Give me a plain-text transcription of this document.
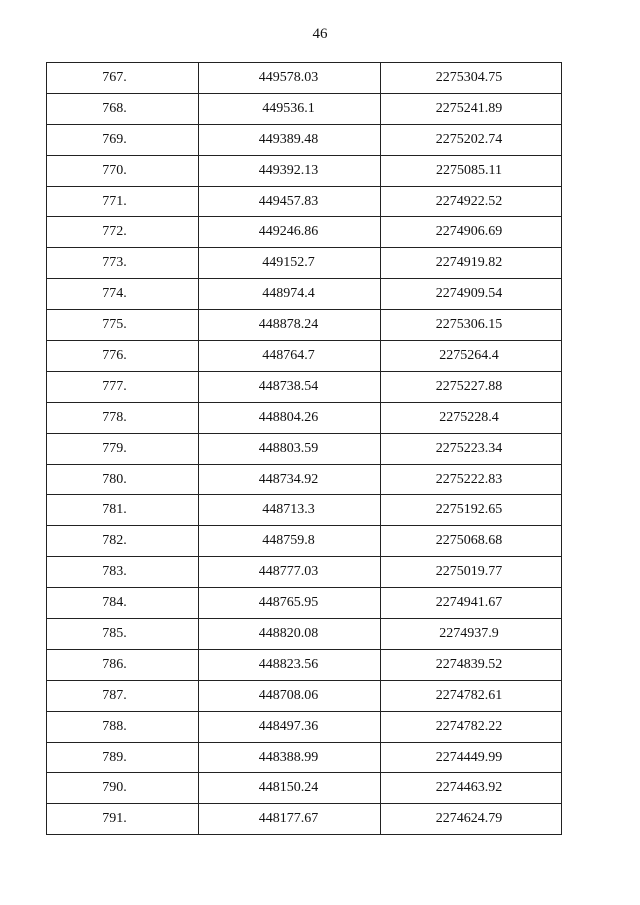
46
767.	449578.03	2275304.75
768.	449536.1	2275241.89
769.	449389.48	2275202.74
770.	449392.13	2275085.11
771.	449457.83	2274922.52
772.	449246.86	2274906.69
773.	449152.7	2274919.82
774.	448974.4	2274909.54
775.	448878.24	2275306.15
776.	448764.7	2275264.4
777.	448738.54	2275227.88
778.	448804.26	2275228.4
779.	448803.59	2275223.34
780.	448734.92	2275222.83
781.	448713.3	2275192.65
782.	448759.8	2275068.68
783.	448777.03	2275019.77
784.	448765.95	2274941.67
785.	448820.08	2274937.9
786.	448823.56	2274839.52
787.	448708.06	2274782.61
788.	448497.36	2274782.22
789.	448388.99	2274449.99
790.	448150.24	2274463.92
791.	448177.67	2274624.79
